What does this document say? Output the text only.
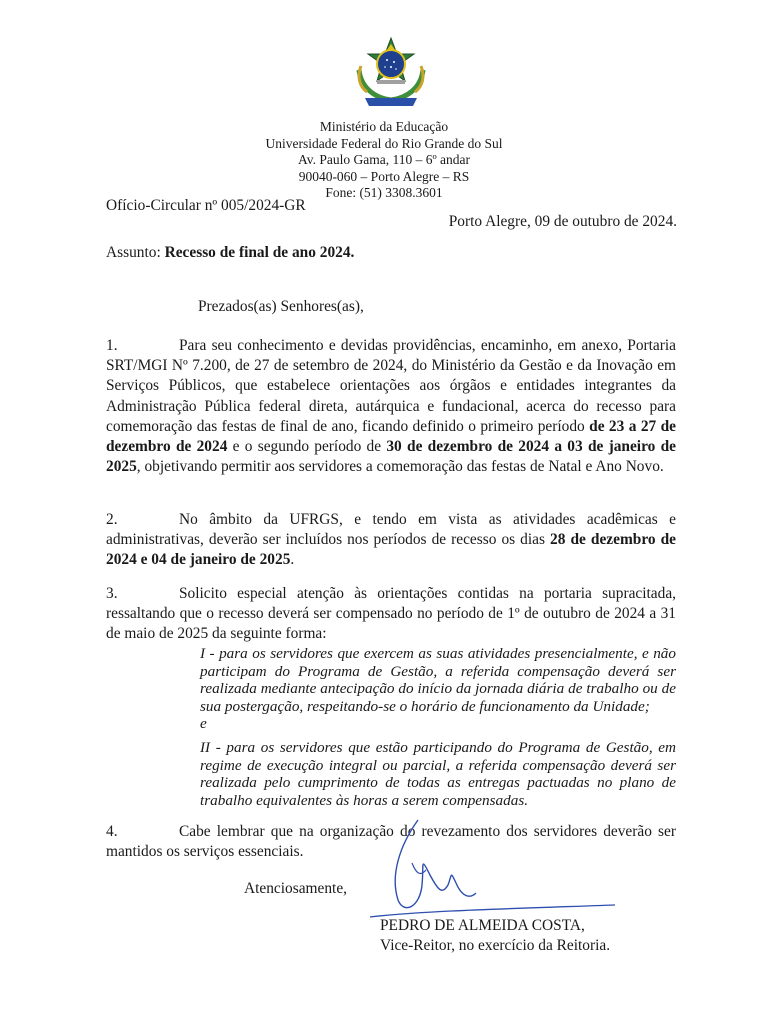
Ministério da Educação
Universidade Federal do Rio Grande do Sul
Av. Paulo Gama, 110 – 6º andar
90040-060 – Porto Alegre – RS
Fone: (51) 3308.3601
Ofício-Circular nº 005/2024-GR
Porto Alegre, 09 de outubro de 2024.
Assunto: Recesso de final de ano 2024.
Prezados(as) Senhores(as),
1.	Para seu conhecimento e devidas providências, encaminho, em anexo, Portaria SRT/MGI Nº 7.200, de 27 de setembro de 2024, do Ministério da Gestão e da Inovação em Serviços Públicos, que estabelece orientações aos órgãos e entidades integrantes da Administração Pública federal direta, autárquica e fundacional, acerca do recesso para comemoração das festas de final de ano, ficando definido o primeiro período de 23 a 27 de dezembro de 2024 e o segundo período de 30 de dezembro de 2024 a 03 de janeiro de 2025, objetivando permitir aos servidores a comemoração das festas de Natal e Ano Novo.
2.	No âmbito da UFRGS, e tendo em vista as atividades acadêmicas e administrativas, deverão ser incluídos nos períodos de recesso os dias 28 de dezembro de 2024 e 04 de janeiro de 2025.
3.	Solicito especial atenção às orientações contidas na portaria supracitada, ressaltando que o recesso deverá ser compensado no período de 1º de outubro de 2024 a 31 de maio de 2025 da seguinte forma:
I - para os servidores que exercem as suas atividades presencialmente, e não participam do Programa de Gestão, a referida compensação deverá ser realizada mediante antecipação do início da jornada diária de trabalho ou de sua postergação, respeitando-se o horário de funcionamento da Unidade;
e
II - para os servidores que estão participando do Programa de Gestão, em regime de execução integral ou parcial, a referida compensação deverá ser realizada pelo cumprimento de todas as entregas pactuadas no plano de trabalho equivalentes às horas a serem compensadas.
4.	Cabe lembrar que na organização do revezamento dos servidores deverão ser mantidos os serviços essenciais.
Atenciosamente,
PEDRO DE ALMEIDA COSTA,
Vice-Reitor, no exercício da Reitoria.
